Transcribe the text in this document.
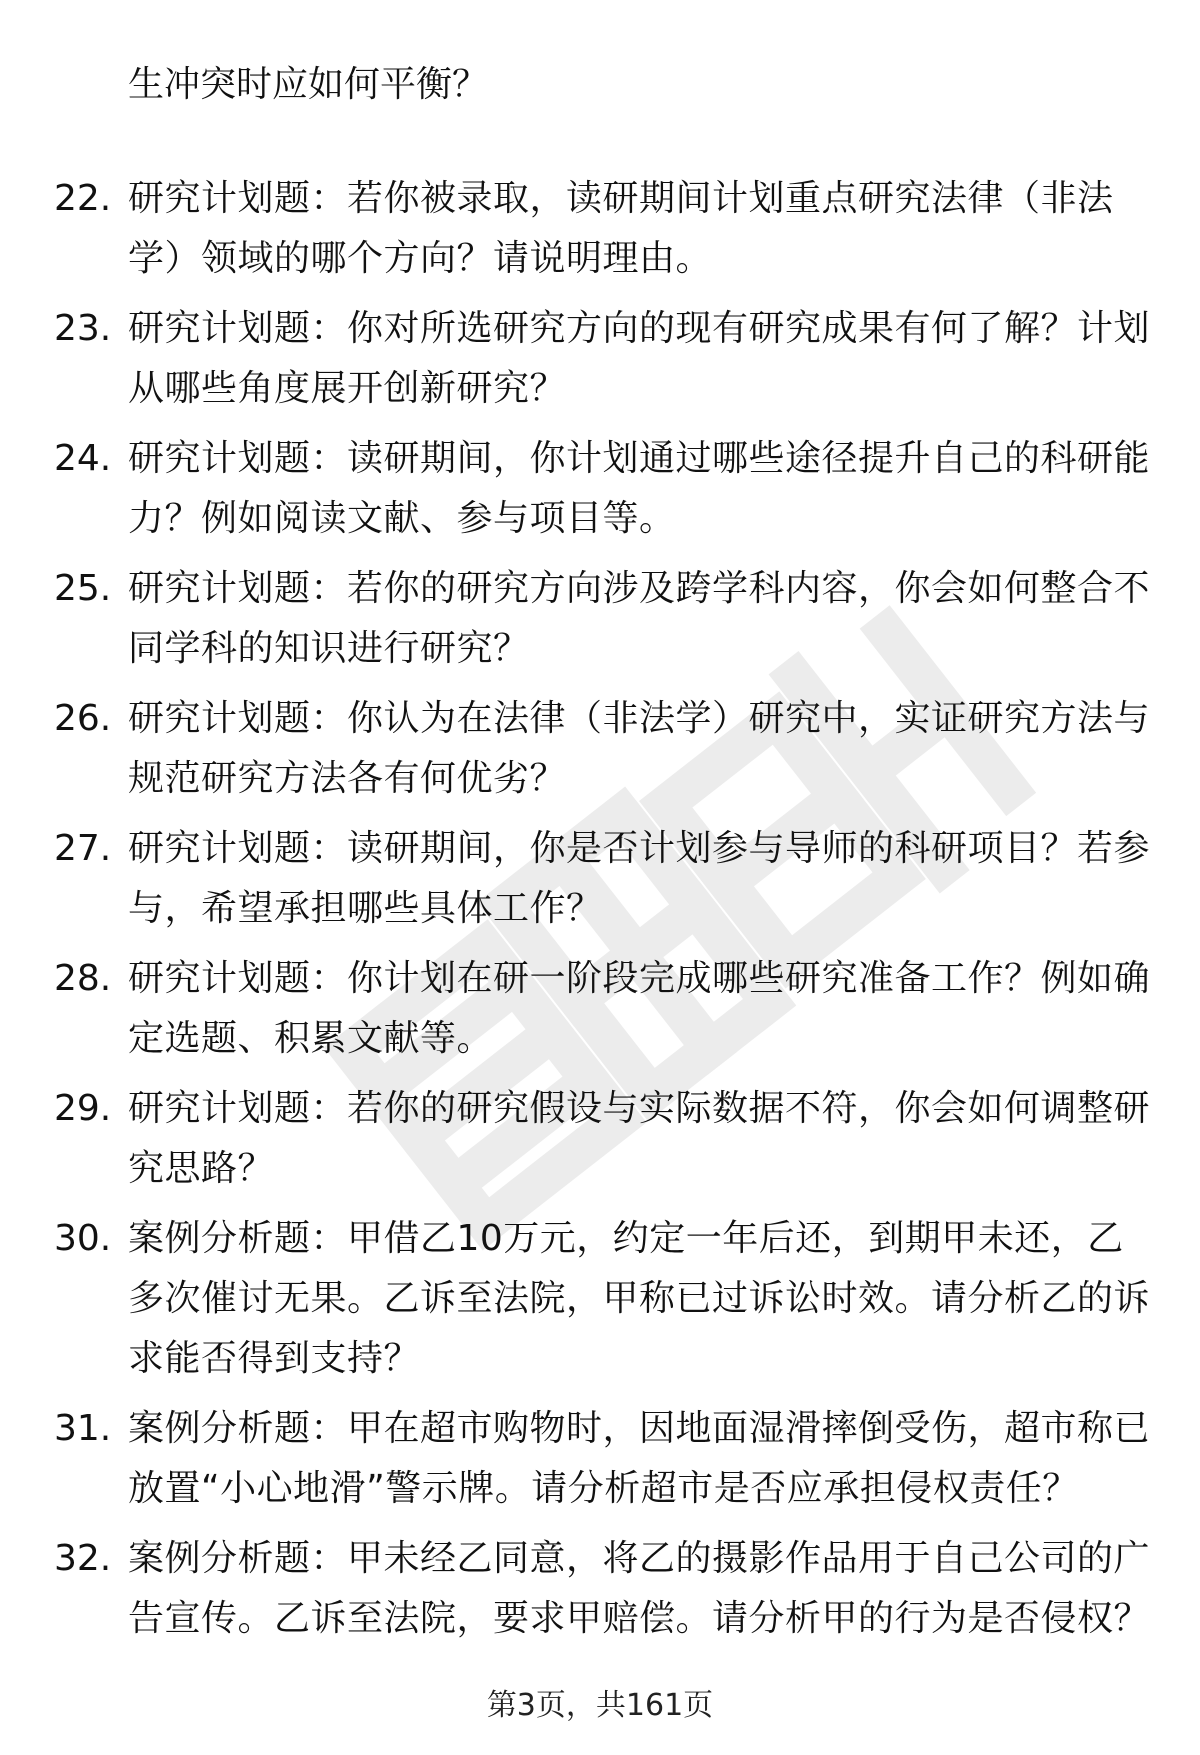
生冲突时应如何平衡？
22. 研究计划题：若你被录取，读研期间计划重点研究法律（非法学）领域的哪个方向？请说明理由。
23. 研究计划题：你对所选研究方向的现有研究成果有何了解？计划从哪些角度展开创新研究？
24. 研究计划题：读研期间，你计划通过哪些途径提升自己的科研能力？例如阅读文献、参与项目等。
25. 研究计划题：若你的研究方向涉及跨学科内容，你会如何整合不同学科的知识进行研究？
26. 研究计划题：你认为在法律（非法学）研究中，实证研究方法与规范研究方法各有何优劣？
27. 研究计划题：读研期间，你是否计划参与导师的科研项目？若参与，希望承担哪些具体工作？
28. 研究计划题：你计划在研一阶段完成哪些研究准备工作？例如确定选题、积累文献等。
29. 研究计划题：若你的研究假设与实际数据不符，你会如何调整研究思路？
30. 案例分析题：甲借乙10万元，约定一年后还，到期甲未还，乙多次催讨无果。乙诉至法院，甲称已过诉讼时效。请分析乙的诉求能否得到支持？
31. 案例分析题：甲在超市购物时，因地面湿滑摔倒受伤，超市称已放置“小心地滑”警示牌。请分析超市是否应承担侵权责任？
32. 案例分析题：甲未经乙同意，将乙的摄影作品用于自己公司的广告宣传。乙诉至法院，要求甲赔偿。请分析甲的行为是否侵权？
第3页，共161页
